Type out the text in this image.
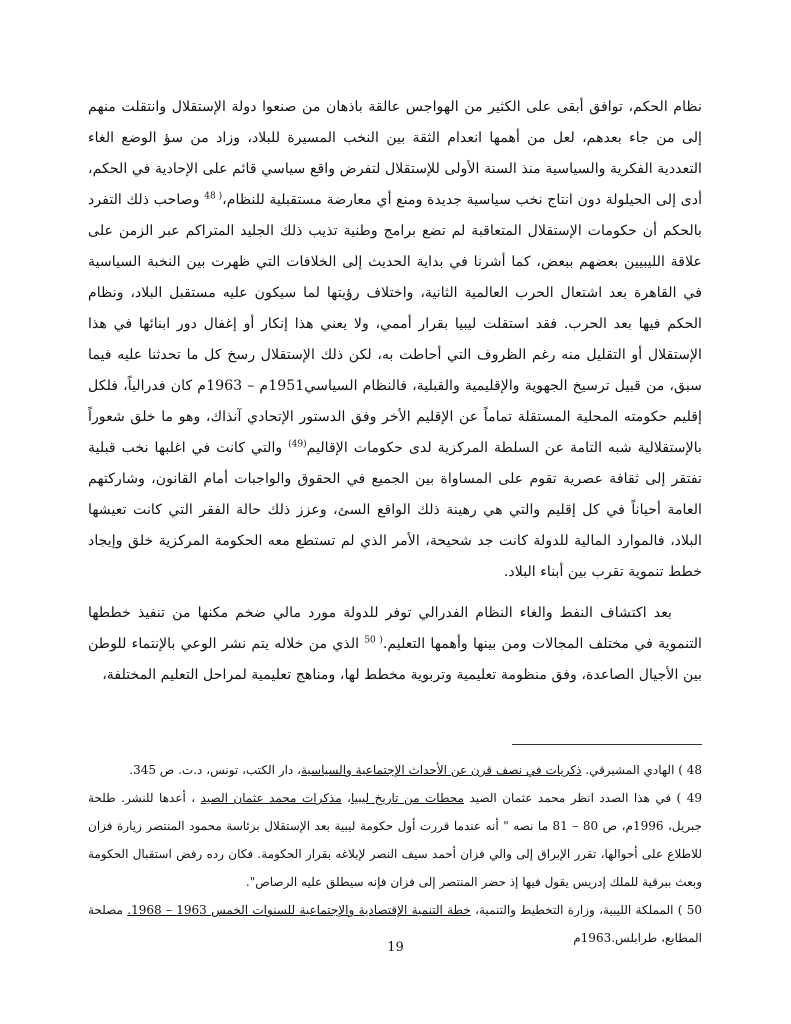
نظام الحكم، توافق أبقى على الكثير من الهواجس عالقة باذهان من صنعوا دولة الإستقلال وانتقلت منهم إلى من جاء بعدهم، لعل من أهمها انعدام الثقة بين النخب المسيرة للبلاد، وزاد من سؤ الوضع الغاء التعددية الفكرية والسياسية منذ السنة الأولى للإستقلال لتفرض واقع سياسي قائم على الإحادية في الحكم، أدى إلى الحيلولة دون انتاج نخب سياسية جديدة ومنع أي معارضة مستقبلية للنظام،$^{( 48}$ وصاحب ذلك التفرد بالحكم أن حكومات الإستقلال المتعاقبة لم تضع برامج وطنية تذيب ذلك الجليد المتراكم عبر الزمن على علاقة الليبيين بعضهم ببعض، كما أشرنا في بداية الحديث إلى الخلافات التي ظهرت بين النخبة السياسية في القاهرة بعد اشتعال الحرب العالمية الثانية، واختلاف رؤيتها لما سيكون عليه مستقبل البلاد، ونظام الحكم فيها بعد الحرب. فقد استقلت ليبيا بقرار أممي، ولا يعني هذا إنكار أو إغفال دور ابنائها في هذا الإستقلال أو التقليل منه رغم الظروف التي أحاطت به، لكن ذلك الإستقلال رسخ كل ما تحدثنا عليه فيما سبق، من قبيل ترسيخ الجهوية والإقليمية والقبلية، فالنظام السياسي1951م – 1963م كان فدرالياً، فلكل إقليم حكومته المحلية المستقلة تماماً عن الإقليم الأخر وفق الدستور الإتحادي آنذاك، وهو ما خلق شعوراً بالإستقلالية شبه التامة عن السلطة المركزية لدى حكومات الإقاليم$^{(49)}$ والتي كانت في اغلبها نخب قبلية تفتقر إلى ثقافة عصرية تقوم على المساواة بين الجميع في الحقوق والواجبات أمام القانون، وشاركتهم العامة أحياناً في كل إقليم والتي هي رهينة ذلك الواقع السئ، وعزز ذلك حالة الفقر التي كانت تعيشها البلاد، فالموارد المالية للدولة كانت جد شحيحة، الأمر الذي لم تستطع معه الحكومة المركزية خلق وإيجاد خطط تنموية تقرب بين أبناء البلاد.

بعد اكتشاف النفط والغاء النظام الفدرالي توفر للدولة مورد مالي ضخم مكنها من تنفيذ خططها التنموية في مختلف المجالات ومن بينها وأهمها التعليم.$^{( 50}$ الذي من خلاله يتم نشر الوعي بالإنتماء للوطن بين الأجيال الصاعدة، وفق منظومة تعليمية وتربوية مخطط لها، ومناهج تعليمية لمراحل التعليم المختلفة،

48 ) الهادي المشيرقي. ذكريات في نصف قرن عن الأحداث الإجتماعية والسياسية، دار الكتب، تونس، د.ت. ص 345.

49 ) في هذا الصدد انظر محمد عثمان الصيد محطات من تاريخ ليبيا، مذكرات محمد عثمان الصيد ، أعدها للنشر. طلحة جبريل، 1996م، ص 80 – 81 ما نصه " أنه عندما قررت أول حكومة ليبية بعد الإستقلال برئاسة محمود المنتصر زيارة فزان للاطلاع على أحوالها، تقرر الإبراق إلى والي فزان أحمد سيف النصر لإبلاغه بقرار الحكومة. فكان رده رفض استقبال الحكومة وبعث ببرقية للملك إدريس يقول فيها إذ حضر المنتصر إلى فزان فإنه سيطلق عليه الرصاص".

50 ) المملكة الليبية، وزارة التخطيط والتنمية، خطة التنمية الإقتصادية والإجتماعية للسنوات الخمس 1963 – 1968. مصلحة المطابع، طرابلس.1963م

19
